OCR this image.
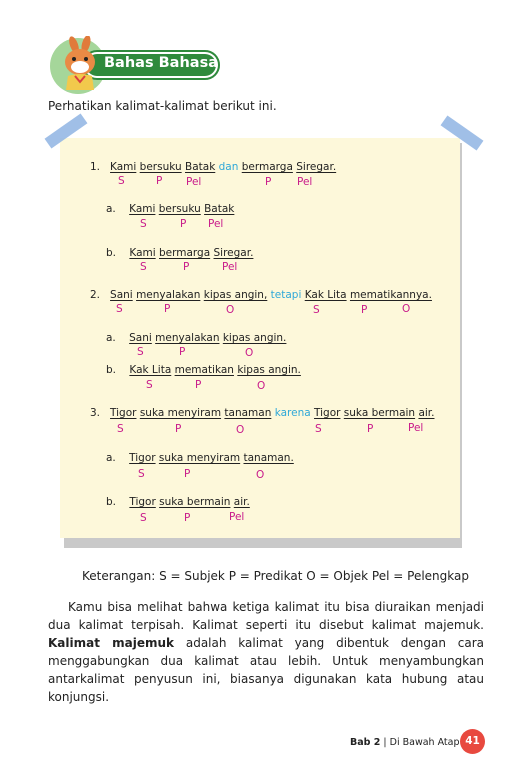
Bahas Bahasa
Perhatikan kalimat-kalimat berikut ini.
1. Kami bersuku Batak dan bermarga Siregar.
S	P Pel	P Pel
a. Kami bersuku Batak
S	P Pel
b. Kami bermarga Siregar.
S	P	Pel
2. Sani menyalakan kipas angin, tetapi Kak Lita mematikannya.
S	P	O	S	P	O
a. Sani menyalakan kipas angin.
S	P	O
b. Kak Lita mematikan kipas angin.
S	P	O
3. Tigor suka menyiram tanaman karena Tigor suka bermain air.
S	P	O	S	P	Pel
a. Tigor suka menyiram tanaman.
S	P	O
b. Tigor suka bermain air.
S	P	Pel
Keterangan: S = Subjek P = Predikat O = Objek Pel = Pelengkap
Kamu bisa melihat bahwa ketiga kalimat itu bisa diuraikan menjadi dua kalimat terpisah. Kalimat seperti itu disebut kalimat majemuk. Kalimat majemuk adalah kalimat yang dibentuk dengan cara menggabungkan dua kalimat atau lebih. Untuk menyambungkan antarkalimat penyusun ini, biasanya digunakan kata hubung atau konjungsi.
Bab 2 | Di Bawah Atap 41
